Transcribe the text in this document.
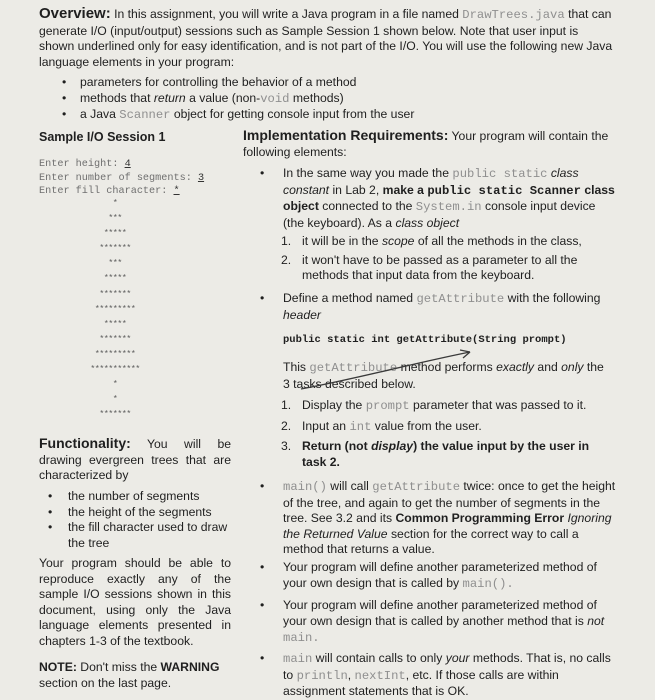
Overview: In this assignment, you will write a Java program in a file named DrawTrees.java that can generate I/O (input/output) sessions such as Sample Session 1 shown below. Note that user input is shown underlined only for easy identification, and is not part of the I/O. You will use the following new Java language elements in your program:
• parameters for controlling the behavior of a method
• methods that return a value (non-void methods)
• a Java Scanner object for getting console input from the user
Sample I/O Session 1
Enter height: 4
Enter number of segments: 3
Enter fill character: *
*
***
*****
*******
***
*****
*******
*********
*****
*******
*********
***********
*
*
*******
Functionality: You will be drawing evergreen trees that are characterized by
• the number of segments
• the height of the segments
• the fill character used to draw the tree
Your program should be able to reproduce exactly any of the sample I/O sessions shown in this document, using only the Java language elements presented in chapters 1-3 of the textbook.
NOTE: Don't miss the WARNING section on the last page.
Implementation Requirements: Your program will contain the following elements:
• In the same way you made the public static class constant in Lab 2, make a public static Scanner class object connected to the System.in console input device (the keyboard). As a class object
1. it will be in the scope of all the methods in the class,
2. it won't have to be passed as a parameter to all the methods that input data from the keyboard.
• Define a method named getAttribute with the following header
public static int getAttribute(String prompt)
This getAttribute method performs exactly and only the 3 tasks described below.
1. Display the prompt parameter that was passed to it.
2. Input an int value from the user.
3. Return (not display) the value input by the user in task 2.
• main() will call getAttribute twice: once to get the height of the tree, and again to get the number of segments in the tree. See 3.2 and its Common Programming Error Ignoring the Returned Value section for the correct way to call a method that returns a value.
• Your program will define another parameterized method of your own design that is called by main().
• Your program will define another parameterized method of your own design that is called by another method that is not main.
• main will contain calls to only your methods. That is, no calls to println, nextInt, etc. If those calls are within assignment statements that is OK.
